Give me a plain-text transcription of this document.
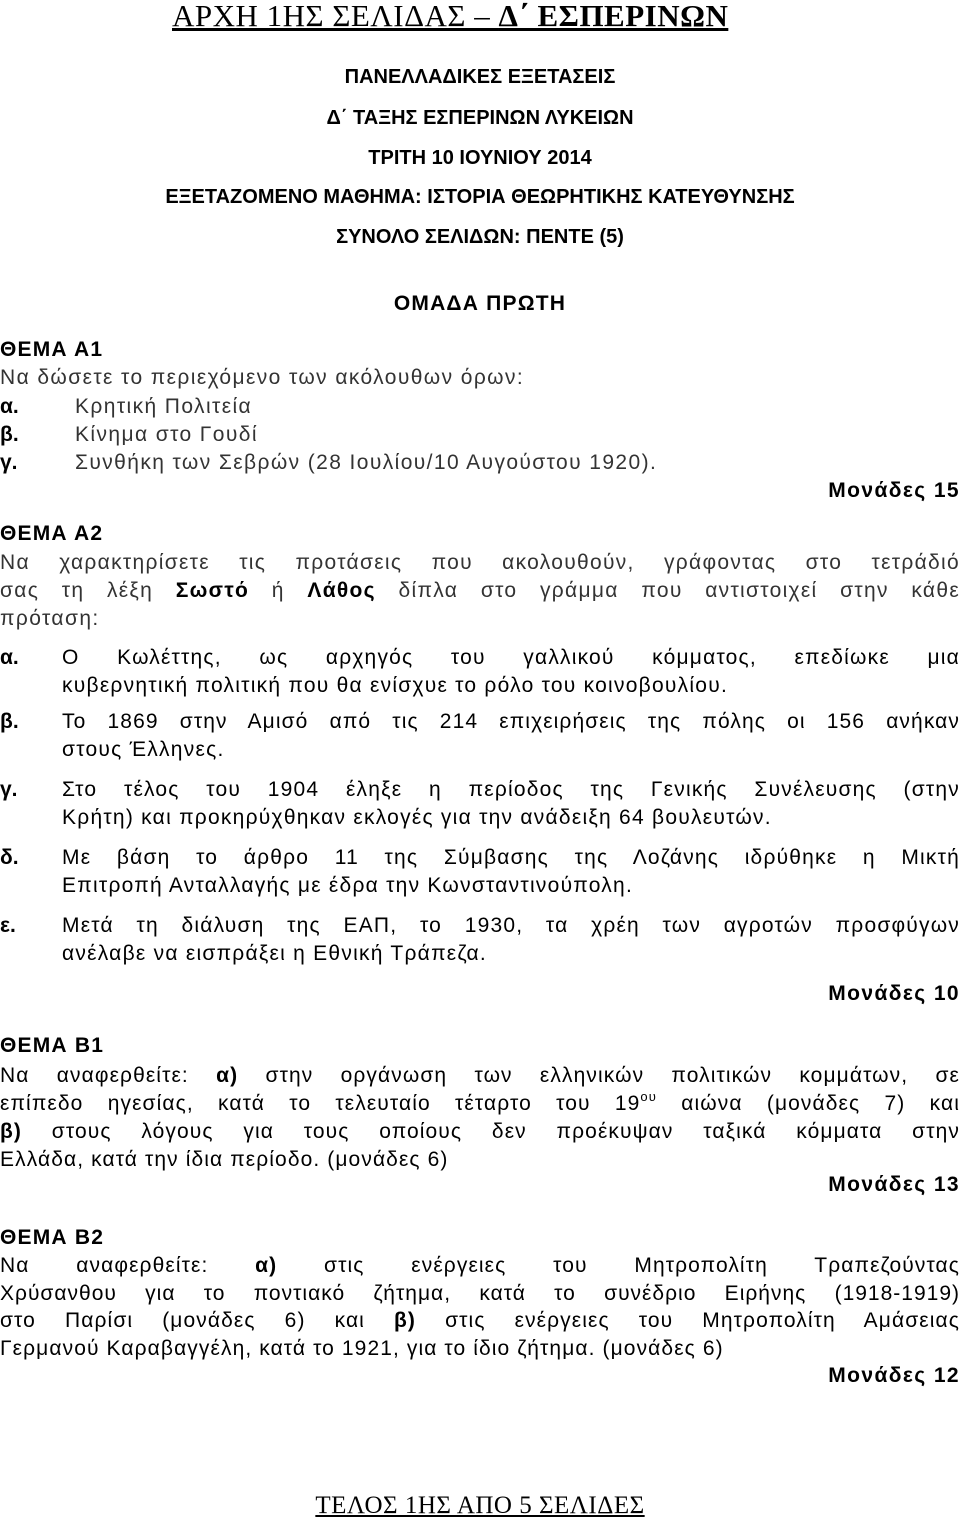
ΑΡΧΗ 1ΗΣ ΣΕΛΙΔΑΣ – Δ΄ ΕΣΠΕΡΙΝΩΝ
ΠΑΝΕΛΛΑΔΙΚΕΣ ΕΞΕΤΑΣΕΙΣ
Δ΄ ΤΑΞΗΣ ΕΣΠΕΡΙΝΩΝ ΛΥΚΕΙΩΝ
ΤΡΙΤΗ 10 ΙΟΥΝΙΟΥ 2014
ΕΞΕΤΑΖΟΜΕΝΟ ΜΑΘΗΜΑ: ΙΣΤΟΡΙΑ ΘΕΩΡΗΤΙΚΗΣ ΚΑΤΕΥΘΥΝΣΗΣ
ΣΥΝΟΛΟ ΣΕΛΙΔΩΝ: ΠΕΝΤΕ (5)
ΟΜΑΔΑ ΠΡΩΤΗ
ΘΕΜΑ Α1
Να δώσετε το περιεχόμενο των ακόλουθων όρων:
α.	Κρητική Πολιτεία
β.	Κίνημα στο Γουδί
γ.	Συνθήκη των Σεβρών (28 Ιουλίου/10 Αυγούστου 1920).
Μονάδες 15
ΘΕΜΑ Α2
Να χαρακτηρίσετε τις προτάσεις που ακολουθούν, γράφοντας στο τετράδιό
σας τη λέξη Σωστό ή Λάθος δίπλα στο γράμμα που αντιστοιχεί στην κάθε
πρόταση:
α. Ο Κωλέττης, ως αρχηγός του γαλλικού κόμματος, επεδίωκε μια
κυβερνητική πολιτική που θα ενίσχυε το ρόλο του κοινοβουλίου.
β. Το 1869 στην Αμισό από τις 214 επιχειρήσεις της πόλης οι 156 ανήκαν
στους Έλληνες.
γ. Στο τέλος του 1904 έληξε η περίοδος της Γενικής Συνέλευσης (στην
Κρήτη) και προκηρύχθηκαν εκλογές για την ανάδειξη 64 βουλευτών.
δ. Με βάση το άρθρο 11 της Σύμβασης της Λοζάνης ιδρύθηκε η Μικτή
Επιτροπή Ανταλλαγής με έδρα την Κωνσταντινούπολη.
ε. Μετά τη διάλυση της ΕΑΠ, το 1930, τα χρέη των αγροτών προσφύγων
ανέλαβε να εισπράξει η Εθνική Τράπεζα.
Μονάδες 10
ΘΕΜΑ Β1
Να αναφερθείτε: α) στην οργάνωση των ελληνικών πολιτικών κομμάτων, σε
επίπεδο ηγεσίας, κατά το τελευταίο τέταρτο του $19^{o\upsilon}$ αιώνα (μονάδες 7) και
β) στους λόγους για τους οποίους δεν προέκυψαν ταξικά κόμματα στην
Ελλάδα, κατά την ίδια περίοδο. (μονάδες 6)
Μονάδες 13
ΘΕΜΑ Β2
Να αναφερθείτε: α) στις ενέργειες του Μητροπολίτη Τραπεζούντας
Χρύσανθου για το ποντιακό ζήτημα, κατά το συνέδριο Ειρήνης (1918-1919)
στο Παρίσι (μονάδες 6) και β) στις ενέργειες του Μητροπολίτη Αμάσειας
Γερμανού Καραβαγγέλη, κατά το 1921, για το ίδιο ζήτημα. (μονάδες 6)
Μονάδες 12
ΤΕΛΟΣ 1ΗΣ ΑΠΟ 5 ΣΕΛΙΔΕΣ
